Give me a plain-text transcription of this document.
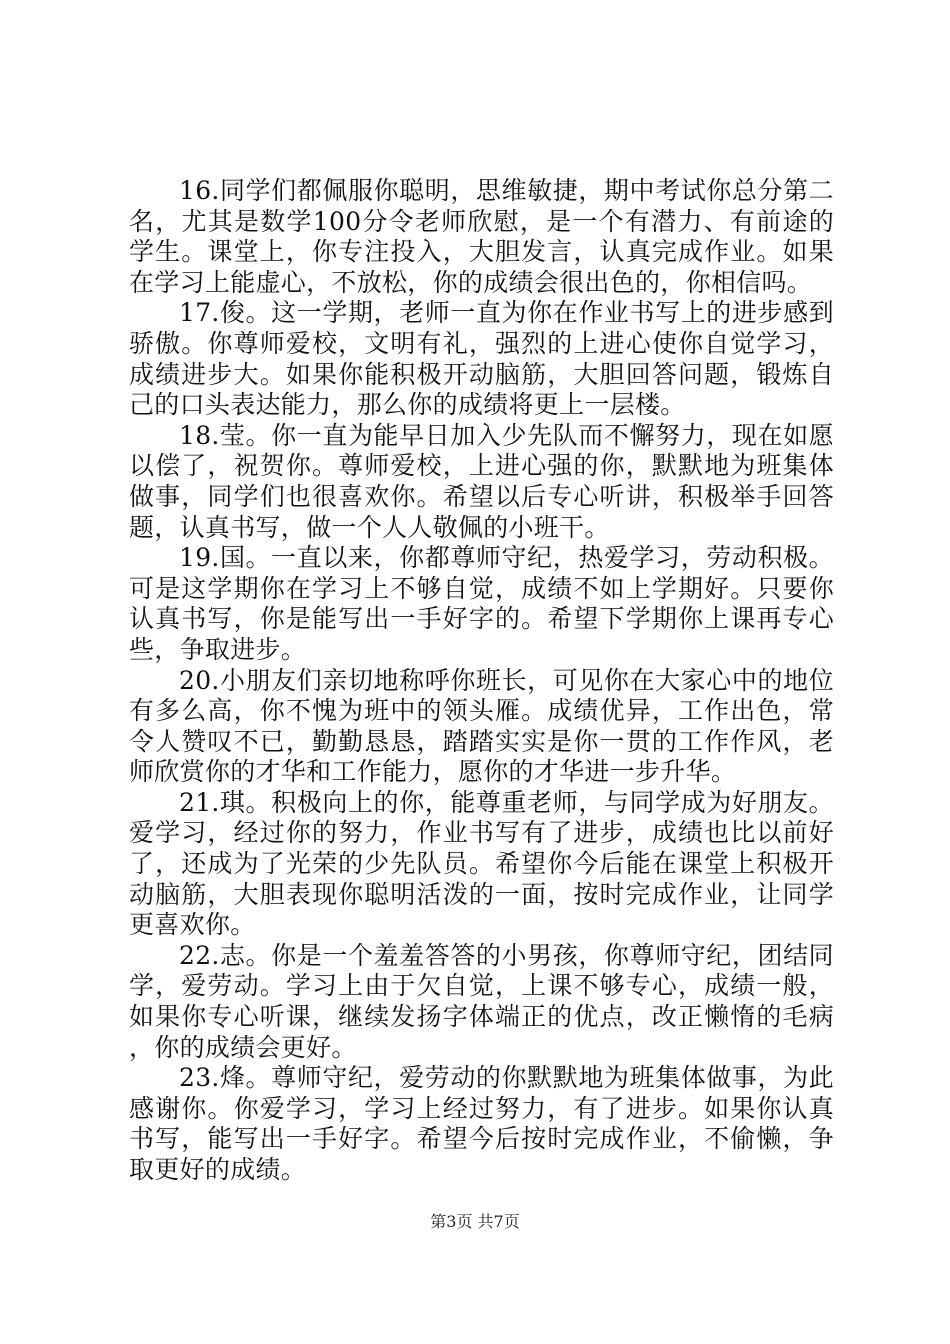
16.同学们都佩服你聪明，思维敏捷，期中考试你总分第二名，尤其是数学100分令老师欣慰，是一个有潜力、有前途的学生。课堂上，你专注投入，大胆发言，认真完成作业。如果在学习上能虚心，不放松，你的成绩会很出色的，你相信吗。

17.俊。这一学期，老师一直为你在作业书写上的进步感到骄傲。你尊师爱校，文明有礼，强烈的上进心使你自觉学习，成绩进步大。如果你能积极开动脑筋，大胆回答问题，锻炼自己的口头表达能力，那么你的成绩将更上一层楼。

18.莹。你一直为能早日加入少先队而不懈努力，现在如愿以偿了，祝贺你。尊师爱校，上进心强的你，默默地为班集体做事，同学们也很喜欢你。希望以后专心听讲，积极举手回答题，认真书写，做一个人人敬佩的小班干。

19.国。一直以来，你都尊师守纪，热爱学习，劳动积极。可是这学期你在学习上不够自觉，成绩不如上学期好。只要你认真书写，你是能写出一手好字的。希望下学期你上课再专心些，争取进步。

20.小朋友们亲切地称呼你班长，可见你在大家心中的地位有多么高，你不愧为班中的领头雁。成绩优异，工作出色，常令人赞叹不已，勤勤恳恳，踏踏实实是你一贯的工作作风，老师欣赏你的才华和工作能力，愿你的才华进一步升华。

21.琪。积极向上的你，能尊重老师，与同学成为好朋友。爱学习，经过你的努力，作业书写有了进步，成绩也比以前好了，还成为了光荣的少先队员。希望你今后能在课堂上积极开动脑筋，大胆表现你聪明活泼的一面，按时完成作业，让同学更喜欢你。

22.志。你是一个羞羞答答的小男孩，你尊师守纪，团结同学，爱劳动。学习上由于欠自觉，上课不够专心，成绩一般，如果你专心听课，继续发扬字体端正的优点，改正懒惰的毛病，你的成绩会更好。

23.烽。尊师守纪，爱劳动的你默默地为班集体做事，为此感谢你。你爱学习，学习上经过努力，有了进步。如果你认真书写，能写出一手好字。希望今后按时完成作业，不偷懒，争取更好的成绩。

第3页 共7页
